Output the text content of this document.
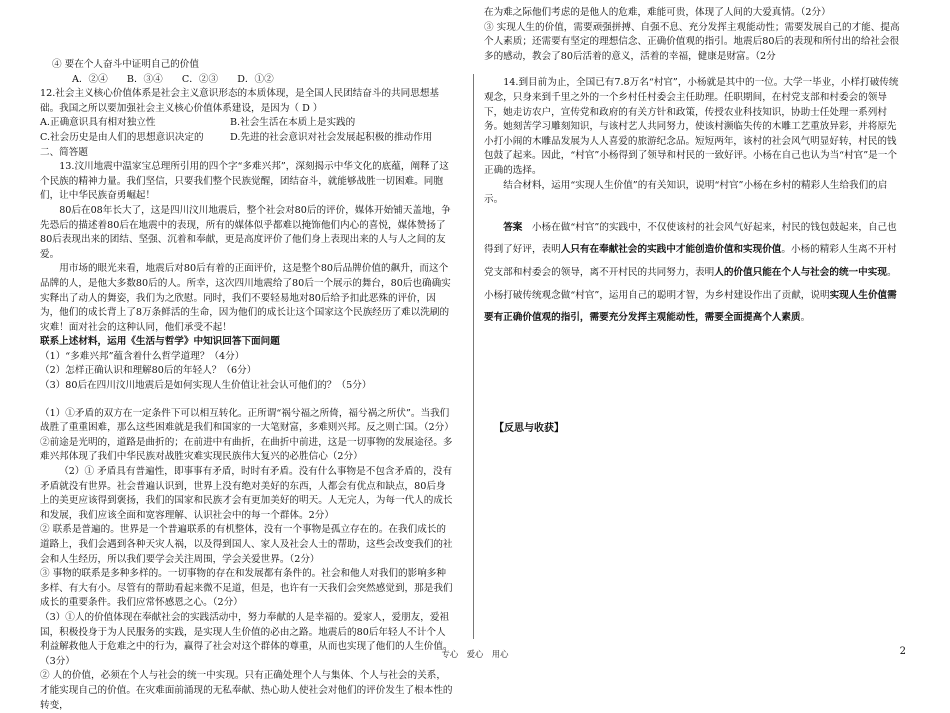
④ 要在个人奋斗中证明自己的价值

A．②④　　B．③④　　C．②③　　D．①②

12.社会主义核心价值体系是社会主义意识形态的本质体现，是全国人民团结奋斗的共同思想基础。我国之所以要加强社会主义核心价值体系建设，是因为（ D ）

A.正确意识具有相对独立性	B.社会生活在本质上是实践的
C.社会历史是由人们的思想意识决定的	D.先进的社会意识对社会发展起积极的推动作用

二、简答题

13.汶川地震中温家宝总理所引用的四个字“多难兴邦”，深刻揭示中华文化的底蕴，阐释了这个民族的精神力量。我们坚信，只要我们整个民族觉醒，团结奋斗，就能够战胜一切困难。同胞们，让中华民族奋勇崛起！

80后在08年长大了，这是四川汶川地震后，整个社会对80后的评价，媒体开始铺天盖地，争先恐后的描述着80后在地震中的表现，所有的媒体似乎都难以掩饰他们内心的喜悦，媒体赞扬了80后表现出来的团结、坚强、沉着和奉献，更是高度评价了他们身上表现出来的人与人之间的友爱。

用市场的眼光来看，地震后对80后有着的正面评价，这是整个80后品牌价值的飙升，而这个品牌的人，是他大多数80后的人。所幸，这次四川地震给了80后一个展示的舞台，80后也确确实实释出了动人的舞姿，我们为之欣慰。同时，我们不要轻易地对80后给予扣此恶殊的评价，因为，他们的成长背上了8万条鲜活的生命，因为他们的成长让这个国家这个民族经历了难以洗刷的灾难！面对社会的这种认同，他们承受不起！

联系上述材料，运用《生活与哲学》中知识回答下面问题

（1）“多难兴邦”蕴含着什么哲学道理？（4分）

（2）怎样正确认识和理解80后的年轻人？（6分）

（3）80后在四川汶川地震后是如何实现人生价值让社会认可他们的？（5分）

（1）①矛盾的双方在一定条件下可以相互转化。正所谓“祸兮福之所倚，福兮祸之所伏”。当我们战胜了重重困难，那么这些困难就是我们和国家的一大笔财富，多难则兴邦。反之则亡国。（2分）②前途是光明的，道路是曲折的；在前进中有曲折，在曲折中前进，这是一切事物的发展途径。多难兴邦体现了我们中华民族对战胜灾难实现民族伟大复兴的必胜信心（2分）

（2）① 矛盾具有普遍性，即事事有矛盾，时时有矛盾。没有什么事物是不包含矛盾的，没有矛盾就没有世界。社会普遍认识到，世界上没有绝对美好的东西，人都会有优点和缺点，80后身上的美更应该得到褒扬，我们的国家和民族才会有更加美好的明天。人无完人，为每一代人的成长和发展，我们应该全面和宽容理解、认识社会中的每一个群体。2分）

② 联系是普遍的。世界是一个普遍联系的有机整体，没有一个事物是孤立存在的。在我们成长的道路上，我们会遇到各种天灾人祸，以及得到国人、家人及社会人士的帮助，这些会改变我们的社会和人生经历，所以我们要学会关注周围，学会关爱世界。（2分）

③ 事物的联系是多种多样的。一切事物的存在和发展都有条件的。社会和他人对我们的影响多种多样、有大有小。尽管有的帮助看起来微不足道，但是，也许有一天我们会突然感觉到，那是我们成长的重要条件。我们应常怀感恩之心。（2分）

（3）①人的价值体现在奉献社会的实践活动中，努力奉献的人是幸福的。爱家人，爱朋友，爱祖国，积极投身于为人民服务的实践，是实现人生价值的必由之路。地震后的80后年轻人不计个人利益解救他人于危难之中的行为，赢得了社会对这个群体的尊重，从而也实现了他们的人生价值。（3分）

② 人的价值，必须在个人与社会的统一中实现。只有正确处理个人与集体、个人与社会的关系，才能实现自己的价值。在灾难面前涌现的无私奉献、热心助人使社会对他们的评价发生了根本性的转变，

在为难之际他们考虑的是他人的危难，难能可贵，体现了人间的大爱真情。（2分）

③ 实现人生的价值，需要顽强拼搏、自强不息、充分发挥主观能动性；需要发展自己的才能、提高个人素质；还需要有坚定的理想信念、正确价值观的指引。地震后80后的表现和所付出的给社会很多的感动，教会了80后活着的意义，活着的幸福，健康是财富。（2分

14.到目前为止，全国已有7.8万名“村官”，小杨就是其中的一位。大学一毕业，小样打破传统观念，只身来到千里之外的一个乡村任村委会主任助理。任职期间，在村党支部和村委会的领导下，她走访农户，宣传党和政府的有关方针和政策，传授农业科技知识，协助士任处理一系列村务。她刻苦学习雕刻知识，与该村艺人共同努力，使该村濒临失传的木雕工艺重放异彩，并将原先小打小闹的木雕品发展为人人喜爱的旅游纪念品。短短两年，该村的社会风气明显好转，村民的钱包鼓了起来。因此，“村官”小杨得到了领导和村民的一致好评。小杨在自己也认为当“村官”是一个正确的选择。

结合材料，运用“实现人生价值”的有关知识，说明“村官”小杨在乡村的精彩人生给我们的启示。

答案　 小杨在做“村官”的实践中，不仅使该村的社会风气好起来，村民的钱包鼓起来，自己也得到了好评，表明人只有在奉献社会的实践中才能创造价值和实现价值。小杨的精彩人生离不开村党支部和村委会的领导，离不开村民的共同努力，表明人的价值只能在个人与社会的统一中实现。小杨打破传统观念做“村官”，运用自己的聪明才智，为乡村建设作出了贡献，说明实现人生价值需要有正确价值观的指引，需要充分发挥主观能动性，需要全面提高个人素质。

【反思与收获】
专心　爱心　用心	2
